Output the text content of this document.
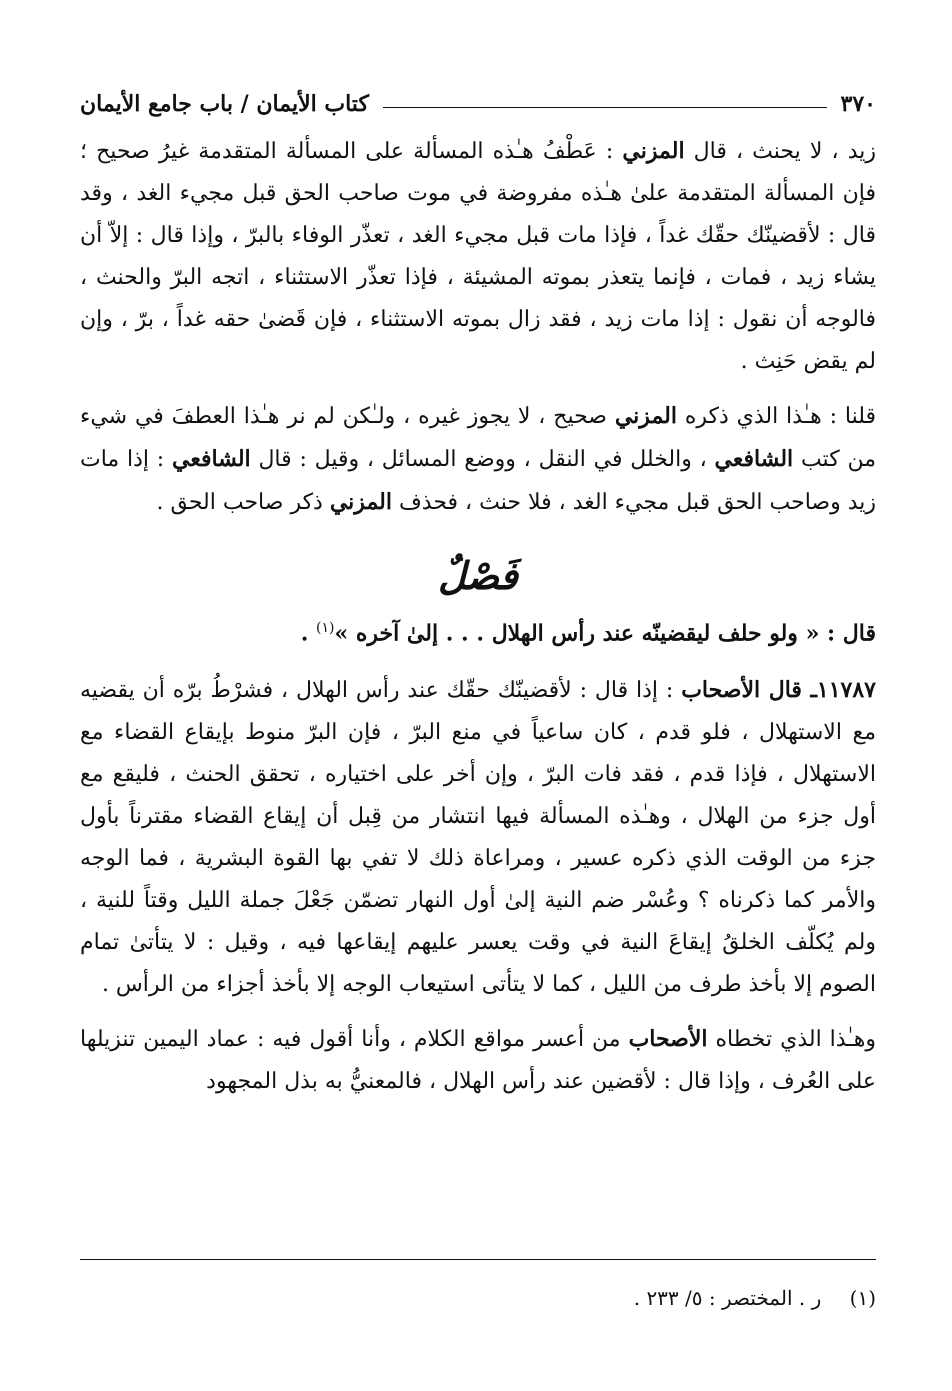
٣٧٠
كتاب الأيمان / باب جامع الأيمان

زيد ، لا يحنث ، قال المزني : عَطْفُ هـٰذه المسألة على المسألة المتقدمة غيرُ صحيح ؛ فإن المسألة المتقدمة علىٰ هـٰذه مفروضة في موت صاحب الحق قبل مجيء الغد ، وقد قال : لأقضينّك حقّك غداً ، فإذا مات قبل مجيء الغد ، تعذّر الوفاء بالبرّ ، وإذا قال : إلاّ أن يشاء زيد ، فمات ، فإنما يتعذر بموته المشيئة ، فإذا تعذّر الاستثناء ، اتجه البرّ والحنث ، فالوجه أن نقول : إذا مات زيد ، فقد زال بموته الاستثناء ، فإن قَضىٰ حقه غداً ، برّ ، وإن لم يقض حَنِث .

قلنا : هـٰذا الذي ذكره المزني صحيح ، لا يجوز غيره ، ولـٰكن لم نر هـٰذا العطفَ في شيء من كتب الشافعي ، والخلل في النقل ، ووضع المسائل ، وقيل : قال الشافعي : إذا مات زيد وصاحب الحق قبل مجيء الغد ، فلا حنث ، فحذف المزني ذكر صاحب الحق .

فَصْلٌ

قال : « ولو حلف ليقضينّه عند رأس الهلال . . . إلىٰ آخره »$^{(١)}$ .

١١٧٨٧ـ قال الأصحاب : إذا قال : لأقضينّك حقّك عند رأس الهلال ، فشرْطُ برّه أن يقضيه مع الاستهلال ، فلو قدم ، كان ساعياً في منع البرّ ، فإن البرّ منوط بإيقاع القضاء مع الاستهلال ، فإذا قدم ، فقد فات البرّ ، وإن أخر على اختياره ، تحقق الحنث ، فليقع مع أول جزء من الهلال ، وهـٰذه المسألة فيها انتشار من قِبل أن إيقاع القضاء مقترناً بأول جزء من الوقت الذي ذكره عسير ، ومراعاة ذلك لا تفي بها القوة البشرية ، فما الوجه والأمر كما ذكرناه ؟ وعُسْر ضم النية إلىٰ أول النهار تضمّن جَعْلَ جملة الليل وقتاً للنية ، ولم يُكلّف الخلقُ إيقاعَ النية في وقت يعسر عليهم إيقاعها فيه ، وقيل : لا يتأتىٰ تمام الصوم إلا بأخذ طرف من الليل ، كما لا يتأتى استيعاب الوجه إلا بأخذ أجزاء من الرأس .

وهـٰذا الذي تخطاه الأصحاب من أعسر مواقع الكلام ، وأنا أقول فيه : عماد اليمين تنزيلها على العُرف ، وإذا قال : لأقضين عند رأس الهلال ، فالمعنيُّ به بذل المجهود

(١) ر . المختصر : ٥/ ٢٣٣ .
